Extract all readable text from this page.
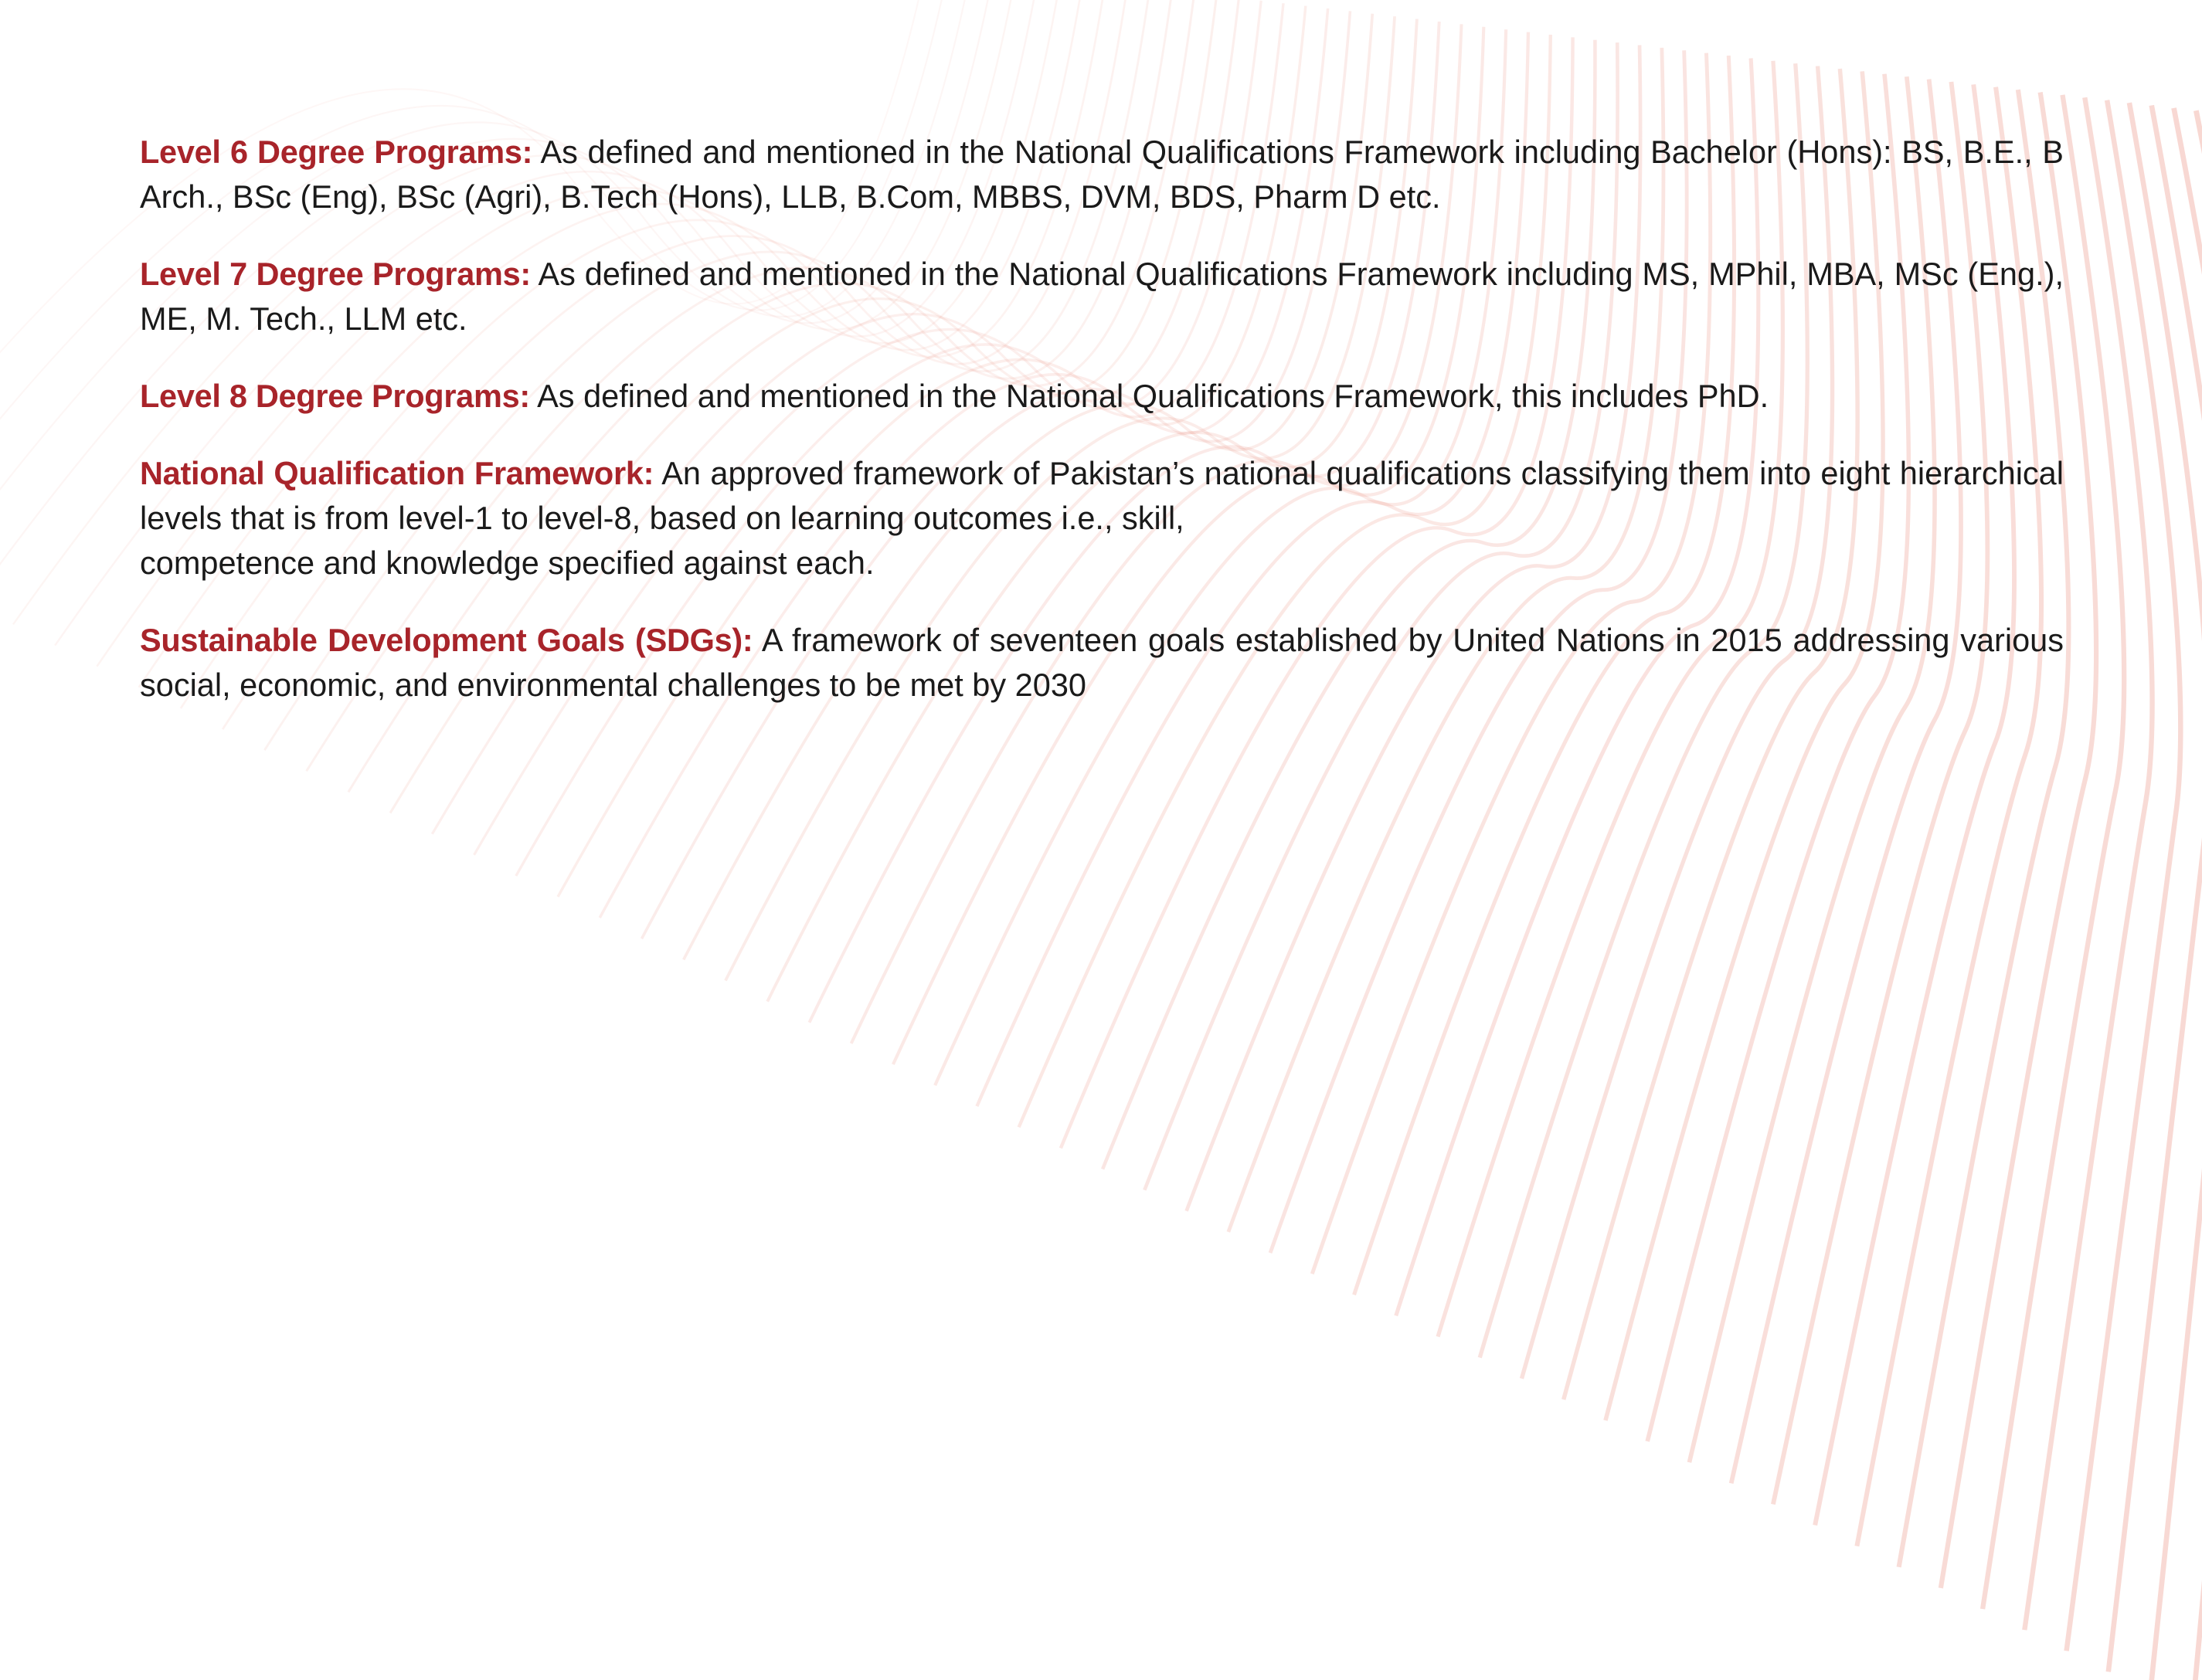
Level 6 Degree Programs: As defined and mentioned in the National Qualifications Framework including Bachelor (Hons): BS, B.E., B Arch., BSc (Eng), BSc (Agri), B.Tech (Hons), LLB, B.Com, MBBS, DVM, BDS, Pharm D etc.

Level 7 Degree Programs: As defined and mentioned in the National Qualifications Framework including MS, MPhil, MBA, MSc (Eng.), ME, M. Tech., LLM etc.

Level 8 Degree Programs: As defined and mentioned in the National Qualifications Framework, this includes PhD.

National Qualification Framework: An approved framework of Pakistan’s national qualifications classifying them into eight hierarchical levels that is from level-1 to level-8, based on learning outcomes i.e., skill,
competence and knowledge specified against each.

Sustainable Development Goals (SDGs): A framework of seventeen goals established by United Nations in 2015 addressing various social, economic, and environmental challenges to be met by 2030
